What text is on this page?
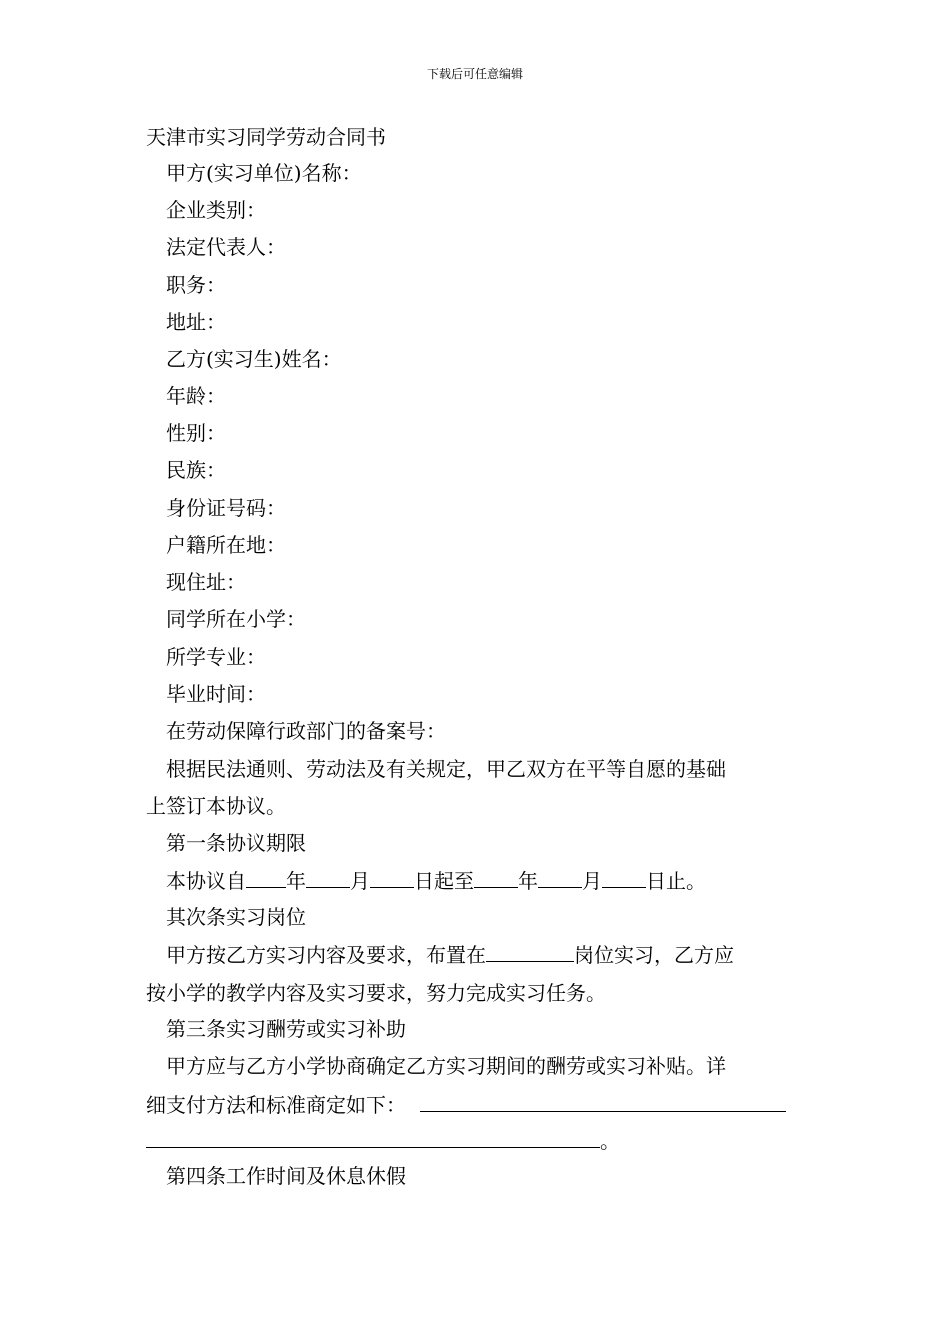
下载后可任意编辑
天津市实习同学劳动合同书
甲方(实习单位)名称：
企业类别：
法定代表人：
职务：
地址：
乙方(实习生)姓名：
年龄：
性别：
民族：
身份证号码：
户籍所在地：
现住址：
同学所在小学：
所学专业：
毕业时间：
在劳动保障行政部门的备案号：
根据民法通则、劳动法及有关规定，甲乙双方在平等自愿的基础
上签订本协议。
第一条协议期限
本协议自 年 月 日起至 年 月 日止。
其次条实习岗位
甲方按乙方实习内容及要求，布置在	岗位实习，乙方应
按小学的教学内容及实习要求，努力完成实习任务。
第三条实习酬劳或实习补助
甲方应与乙方小学协商确定乙方实习期间的酬劳或实习补贴。详
细支付方法和标准商定如下：
。
第四条工作时间及休息休假
